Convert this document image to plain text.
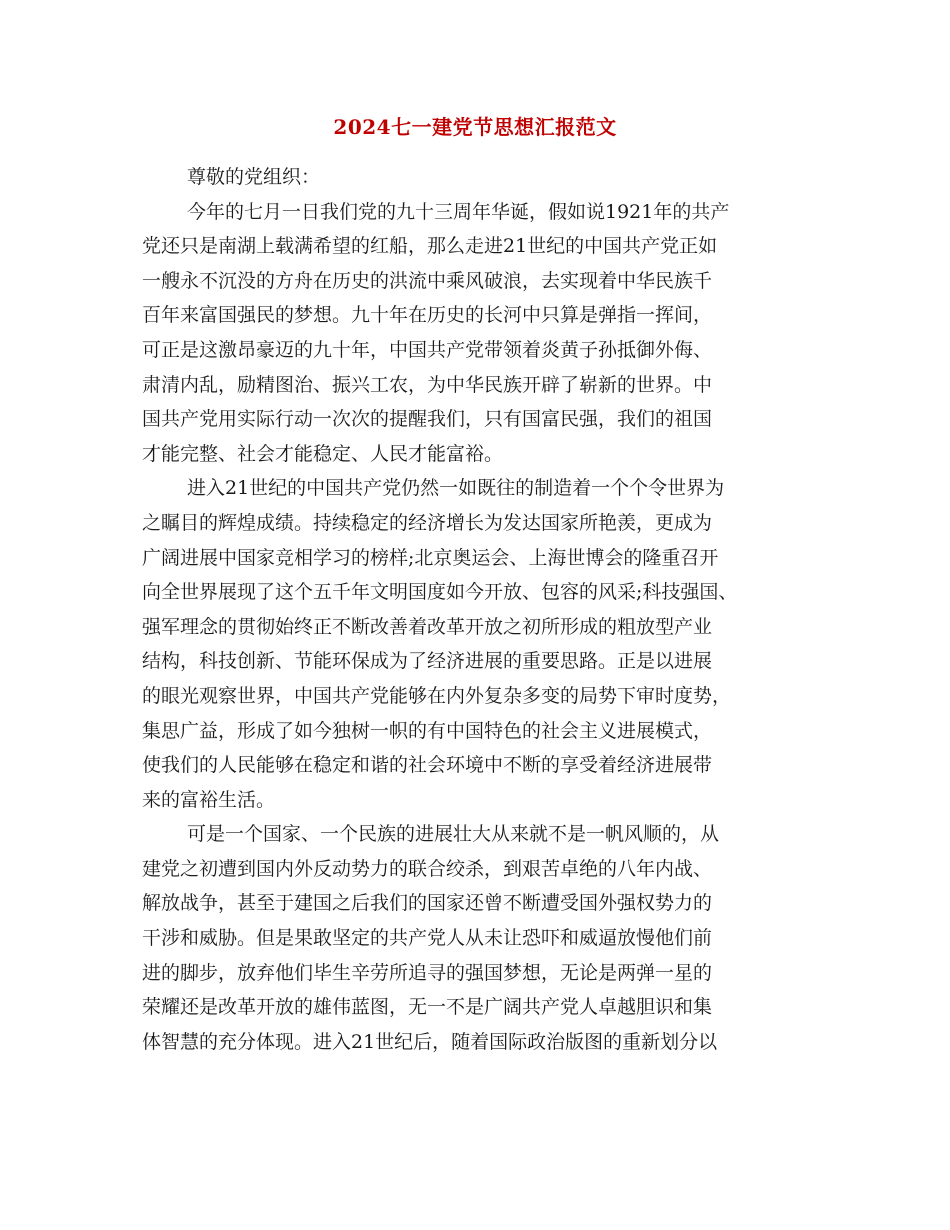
2024七一建党节思想汇报范文
尊敬的党组织：
今年的七月一日我们党的九十三周年华诞，假如说1921年的共产
党还只是南湖上载满希望的红船，那么走进21世纪的中国共产党正如
一艘永不沉没的方舟在历史的洪流中乘风破浪，去实现着中华民族千
百年来富国强民的梦想。九十年在历史的长河中只算是弹指一挥间，
可正是这激昂豪迈的九十年，中国共产党带领着炎黄子孙抵御外侮、
肃清内乱，励精图治、振兴工农，为中华民族开辟了崭新的世界。中
国共产党用实际行动一次次的提醒我们，只有国富民强，我们的祖国
才能完整、社会才能稳定、人民才能富裕。
进入21世纪的中国共产党仍然一如既往的制造着一个个令世界为
之瞩目的辉煌成绩。持续稳定的经济增长为发达国家所艳羡，更成为
广阔进展中国家竞相学习的榜样;北京奥运会、上海世博会的隆重召开
向全世界展现了这个五千年文明国度如今开放、包容的风采;科技强国、
强军理念的贯彻始终正不断改善着改革开放之初所形成的粗放型产业
结构，科技创新、节能环保成为了经济进展的重要思路。正是以进展
的眼光观察世界，中国共产党能够在内外复杂多变的局势下审时度势，
集思广益，形成了如今独树一帜的有中国特色的社会主义进展模式，
使我们的人民能够在稳定和谐的社会环境中不断的享受着经济进展带
来的富裕生活。
可是一个国家、一个民族的进展壮大从来就不是一帆风顺的，从
建党之初遭到国内外反动势力的联合绞杀，到艰苦卓绝的八年内战、
解放战争，甚至于建国之后我们的国家还曾不断遭受国外强权势力的
干涉和威胁。但是果敢坚定的共产党人从未让恐吓和威逼放慢他们前
进的脚步，放弃他们毕生辛劳所追寻的强国梦想，无论是两弹一星的
荣耀还是改革开放的雄伟蓝图，无一不是广阔共产党人卓越胆识和集
体智慧的充分体现。进入21世纪后，随着国际政治版图的重新划分以
